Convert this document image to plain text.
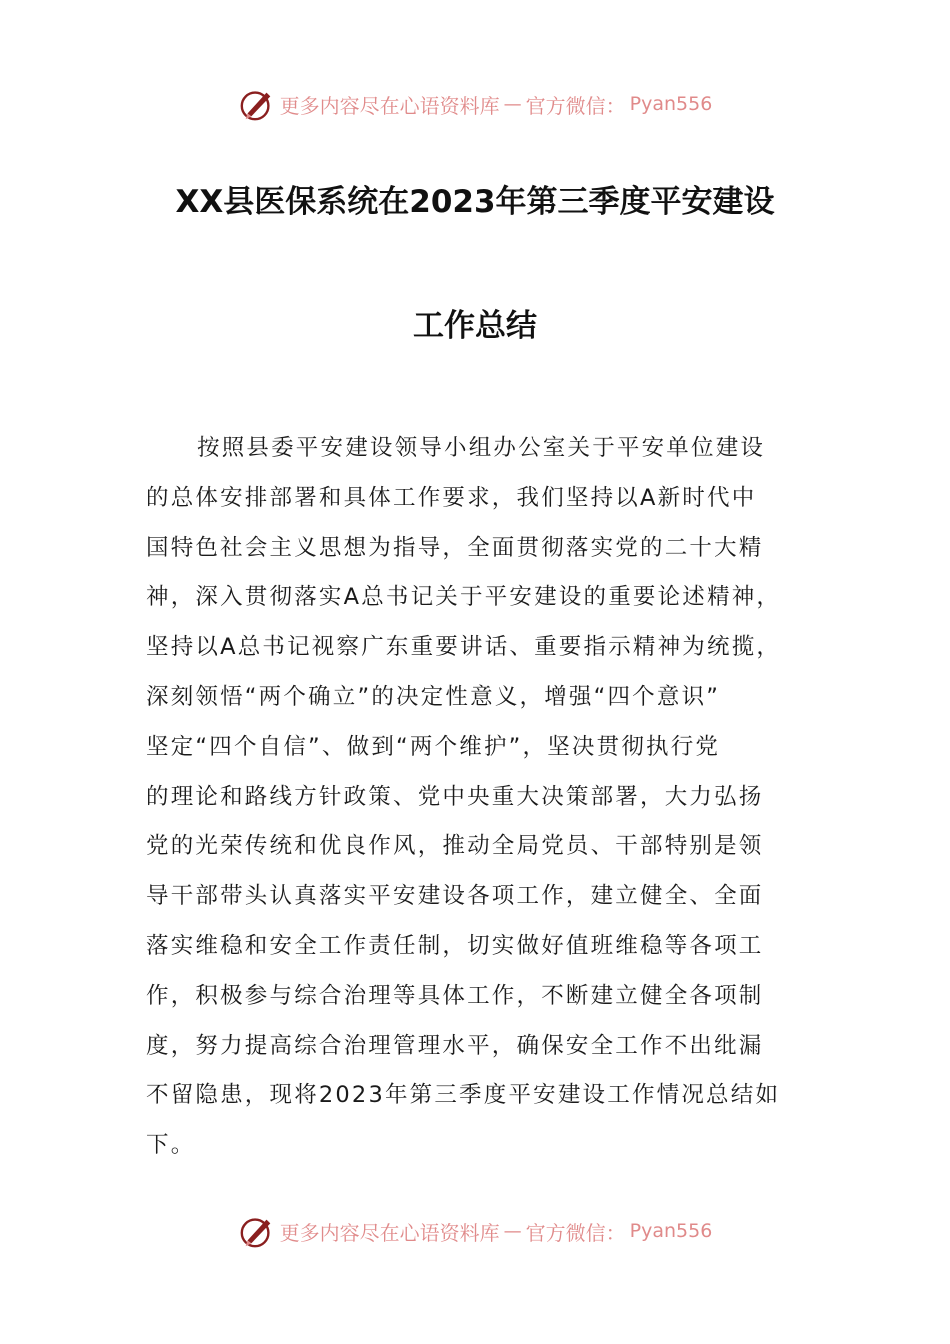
更多内容尽在心语资料库 — 官方微信： Pyan556
XX县医保系统在2023年第三季度平安建设
工作总结
按照县委平安建设领导小组办公室关于平安单位建设
的总体安排部署和具体工作要求，我们坚持以A新时代中
国特色社会主义思想为指导，全面贯彻落实党的二十大精
神，深入贯彻落实A总书记关于平安建设的重要论述精神，
坚持以A总书记视察广东重要讲话、重要指示精神为统揽，
深刻领悟“两个确立”的决定性意义，增强“四个意识”
坚定“四个自信”、做到“两个维护”，坚决贯彻执行党
的理论和路线方针政策、党中央重大决策部署，大力弘扬
党的光荣传统和优良作风，推动全局党员、干部特别是领
导干部带头认真落实平安建设各项工作，建立健全、全面
落实维稳和安全工作责任制，切实做好值班维稳等各项工
作，积极参与综合治理等具体工作，不断建立健全各项制
度，努力提高综合治理管理水平，确保安全工作不出纰漏
不留隐患，现将2023年第三季度平安建设工作情况总结如
下。
更多内容尽在心语资料库 — 官方微信： Pyan556
